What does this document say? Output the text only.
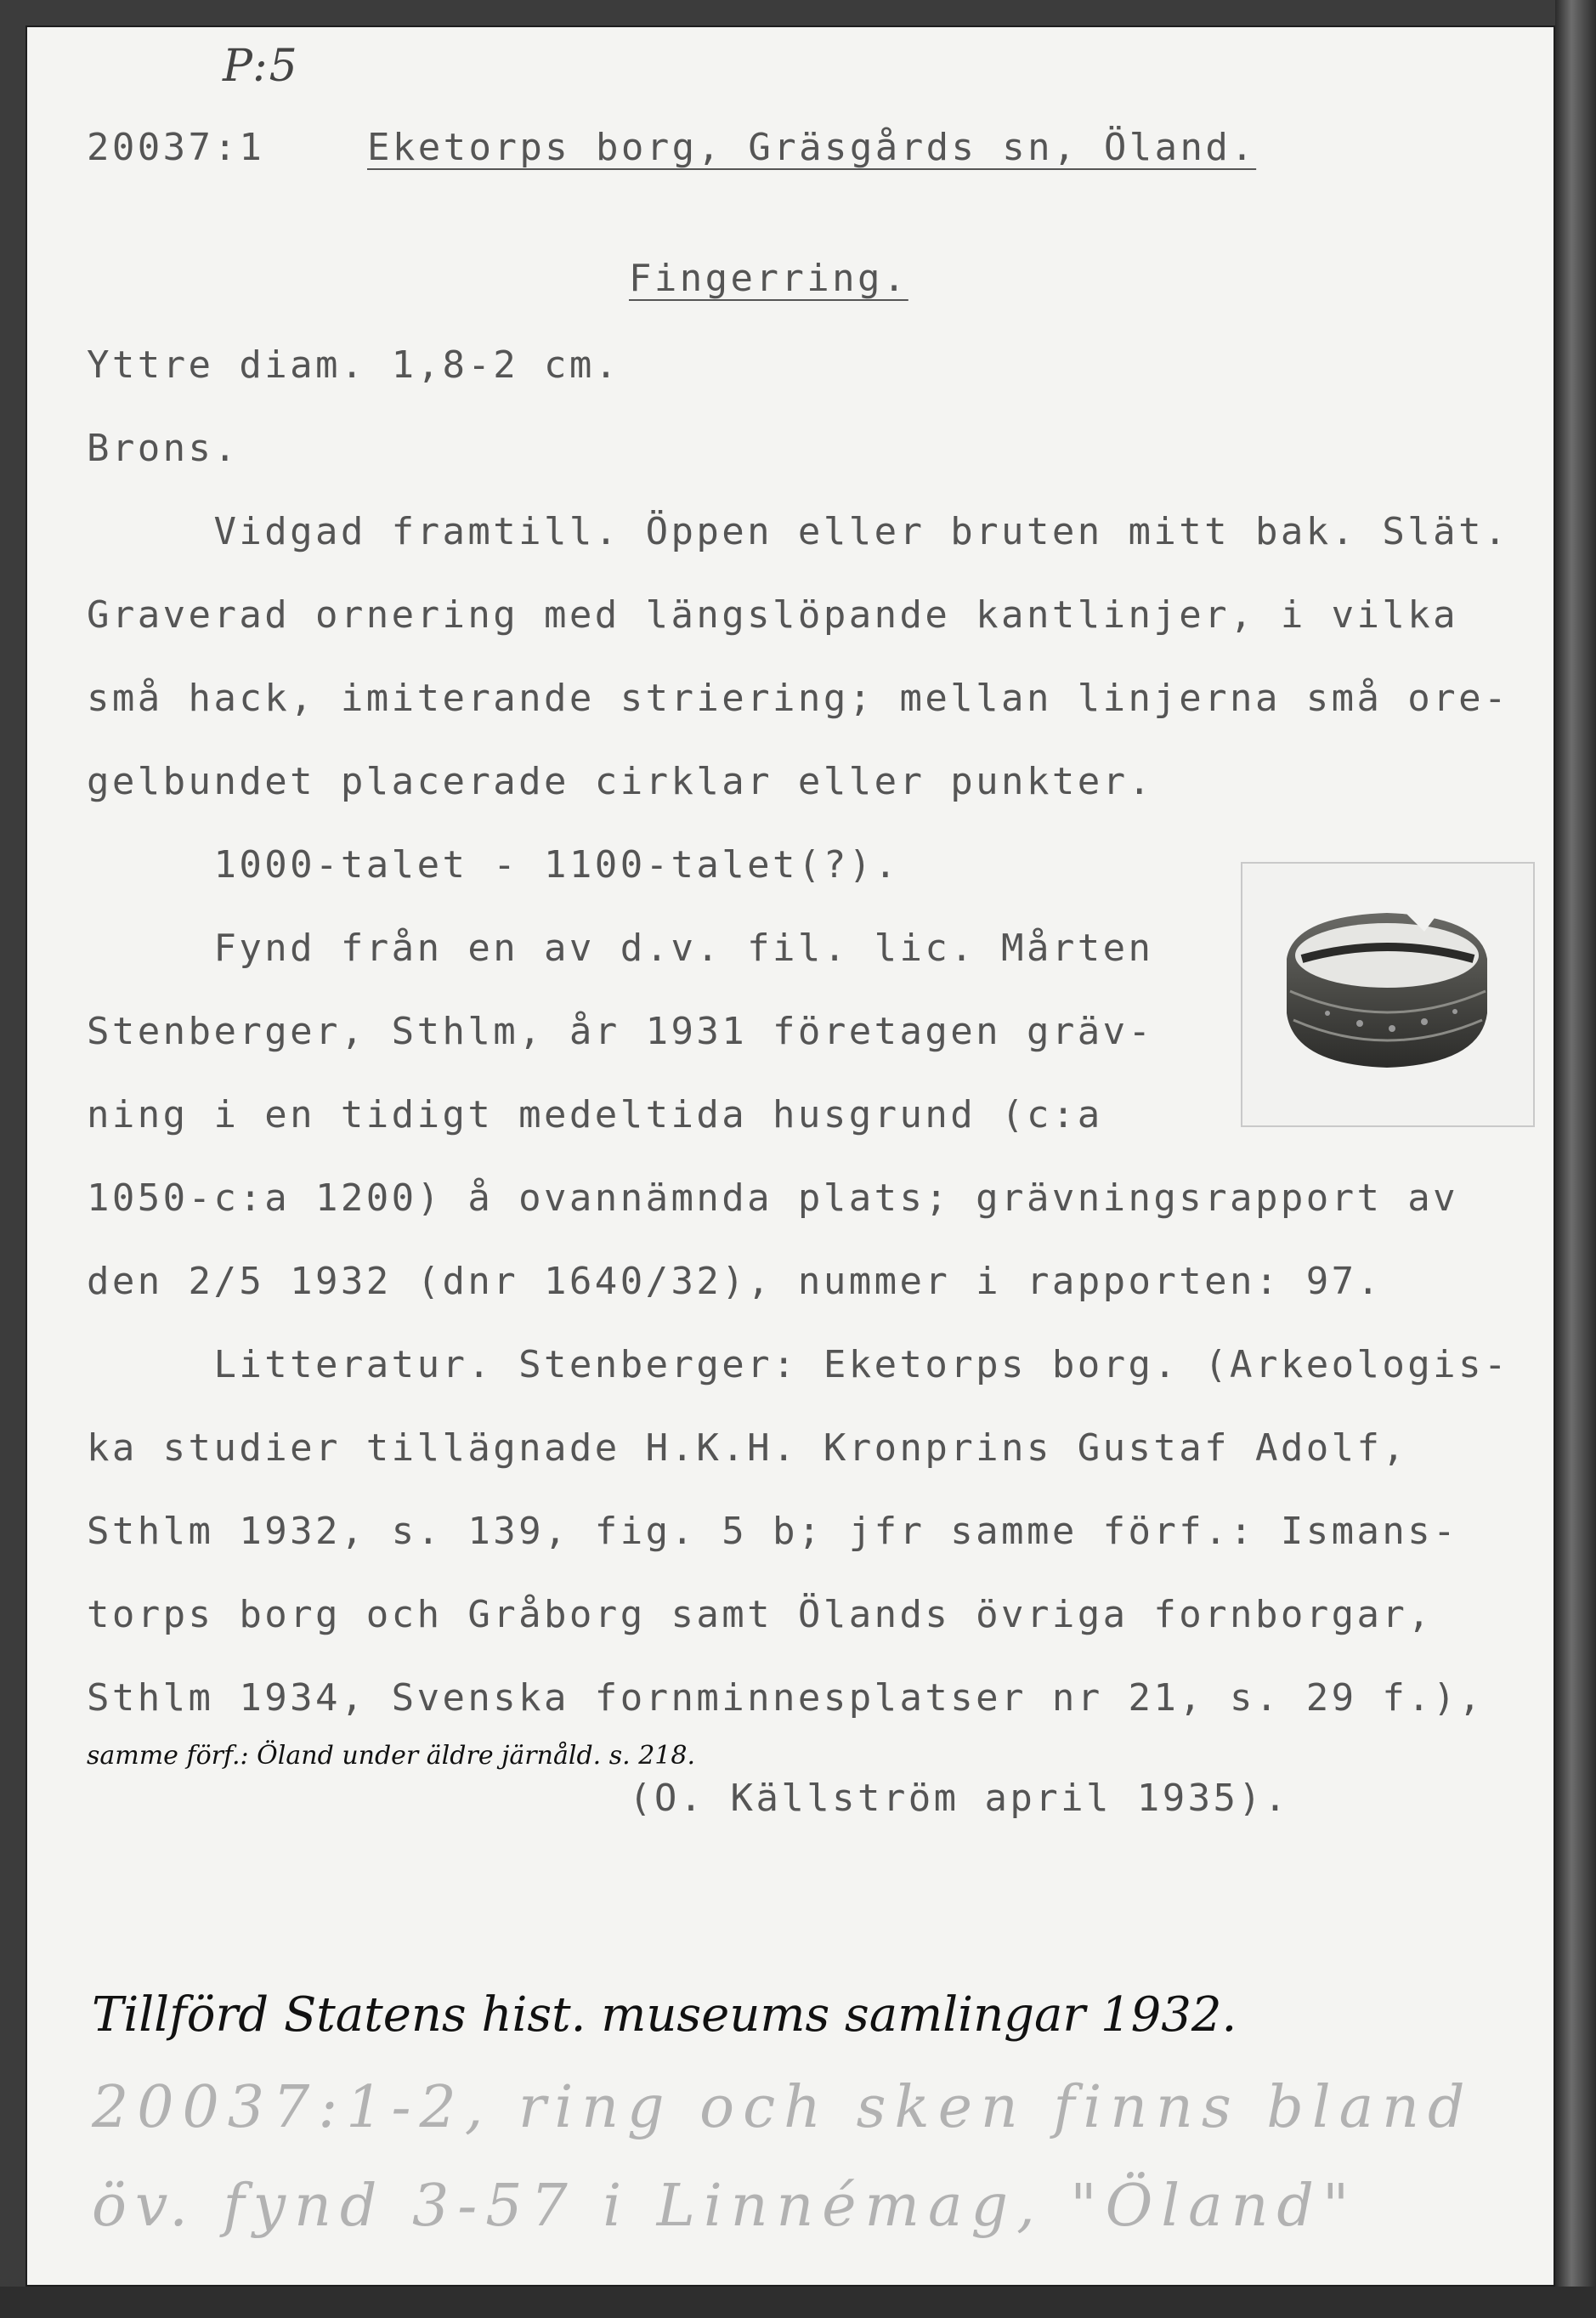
P:5

20037:1	Eketorps borg, Gräsgårds sn, Öland.

Fingerring.

Yttre diam. 1,8-2 cm.

Brons.

Vidgad framtill. Öppen eller bruten mitt bak. Slät.

Graverad ornering med längslöpande kantlinjer, i vilka

små hack, imiterande striering; mellan linjerna små ore-

gelbundet placerade cirklar eller punkter.

1000-talet - 1100-talet(?).

Fynd från en av d.v. fil. lic. Mårten

Stenberger, Sthlm, år 1931 företagen gräv-

ning i en tidigt medeltida husgrund (c:a

1050-c:a 1200) å ovannämnda plats; grävningsrapport av

den 2/5 1932 (dnr 1640/32), nummer i rapporten: 97.

Litteratur. Stenberger: Eketorps borg. (Arkeologis-

ka studier tillägnade H.K.H. Kronprins Gustaf Adolf,

Sthlm 1932, s. 139, fig. 5 b; jfr samme förf.: Ismans-

torps borg och Gråborg samt Ölands övriga fornborgar,

Sthlm 1934, Svenska fornminnesplatser nr 21, s. 29 f.),

samme förf.: Öland under äldre järnåld. s. 218.

(O. Källström april 1935).

Tillförd Statens hist. museums samlingar 1932.

20037:1-2, ring och sken finns bland

öv. fynd 3-57 i Linnémag, "Öland"
